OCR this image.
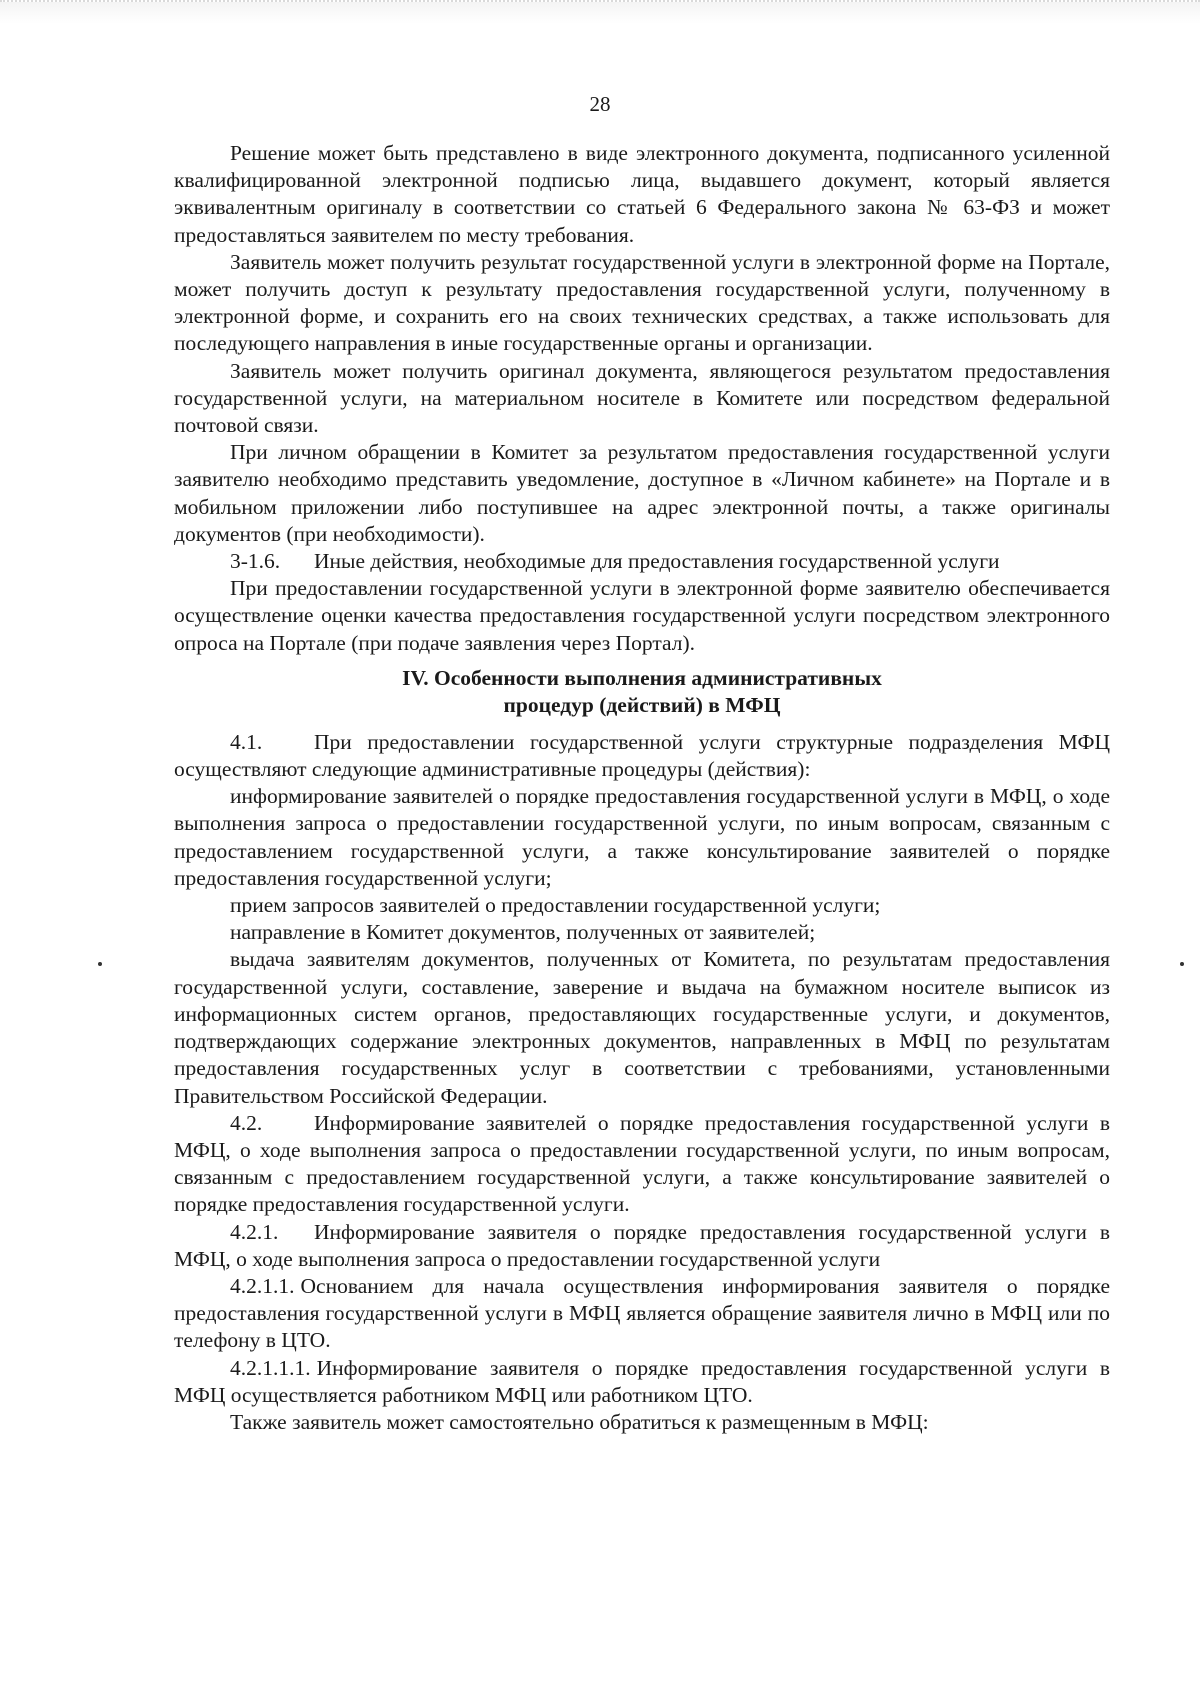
28

Решение может быть представлено в виде электронного документа, подписанного усиленной квалифицированной электронной подписью лица, выдавшего документ, который является эквивалентным оригиналу в соответствии со статьей 6 Федерального закона № 63-ФЗ и может предоставляться заявителем по месту требования.

Заявитель может получить результат государственной услуги в электронной форме на Портале, может получить доступ к результату предоставления государственной услуги, полученному в электронной форме, и сохранить его на своих технических средствах, а также использовать для последующего направления в иные государственные органы и организации.

Заявитель может получить оригинал документа, являющегося результатом предоставления государственной услуги, на материальном носителе в Комитете или посредством федеральной почтовой связи.

При личном обращении в Комитет за результатом предоставления государственной услуги заявителю необходимо представить уведомление, доступное в «Личном кабинете» на Портале и в мобильном приложении либо поступившее на адрес электронной почты, а также оригиналы документов (при необходимости).

3-1.6. Иные действия, необходимые для предоставления государственной услуги

При предоставлении государственной услуги в электронной форме заявителю обеспечивается осуществление оценки качества предоставления государственной услуги посредством электронного опроса на Портале (при подаче заявления через Портал).

IV. Особенности выполнения административных
процедур (действий) в МФЦ

4.1. При предоставлении государственной услуги структурные подразделения МФЦ осуществляют следующие административные процедуры (действия):

информирование заявителей о порядке предоставления государственной услуги в МФЦ, о ходе выполнения запроса о предоставлении государственной услуги, по иным вопросам, связанным с предоставлением государственной услуги, а также консультирование заявителей о порядке предоставления государственной услуги;

прием запросов заявителей о предоставлении государственной услуги;

направление в Комитет документов, полученных от заявителей;

выдача заявителям документов, полученных от Комитета, по результатам предоставления государственной услуги, составление, заверение и выдача на бумажном носителе выписок из информационных систем органов, предоставляющих государственные услуги, и документов, подтверждающих содержание электронных документов, направленных в МФЦ по результатам предоставления государственных услуг в соответствии с требованиями, установленными Правительством Российской Федерации.

4.2. Информирование заявителей о порядке предоставления государственной услуги в МФЦ, о ходе выполнения запроса о предоставлении государственной услуги, по иным вопросам, связанным с предоставлением государственной услуги, а также консультирование заявителей о порядке предоставления государственной услуги.

4.2.1. Информирование заявителя о порядке предоставления государственной услуги в МФЦ, о ходе выполнения запроса о предоставлении государственной услуги

4.2.1.1. Основанием для начала осуществления информирования заявителя о порядке предоставления государственной услуги в МФЦ является обращение заявителя лично в МФЦ или по телефону в ЦТО.

4.2.1.1.1. Информирование заявителя о порядке предоставления государственной услуги в МФЦ осуществляется работником МФЦ или работником ЦТО.

Также заявитель может самостоятельно обратиться к размещенным в МФЦ:
